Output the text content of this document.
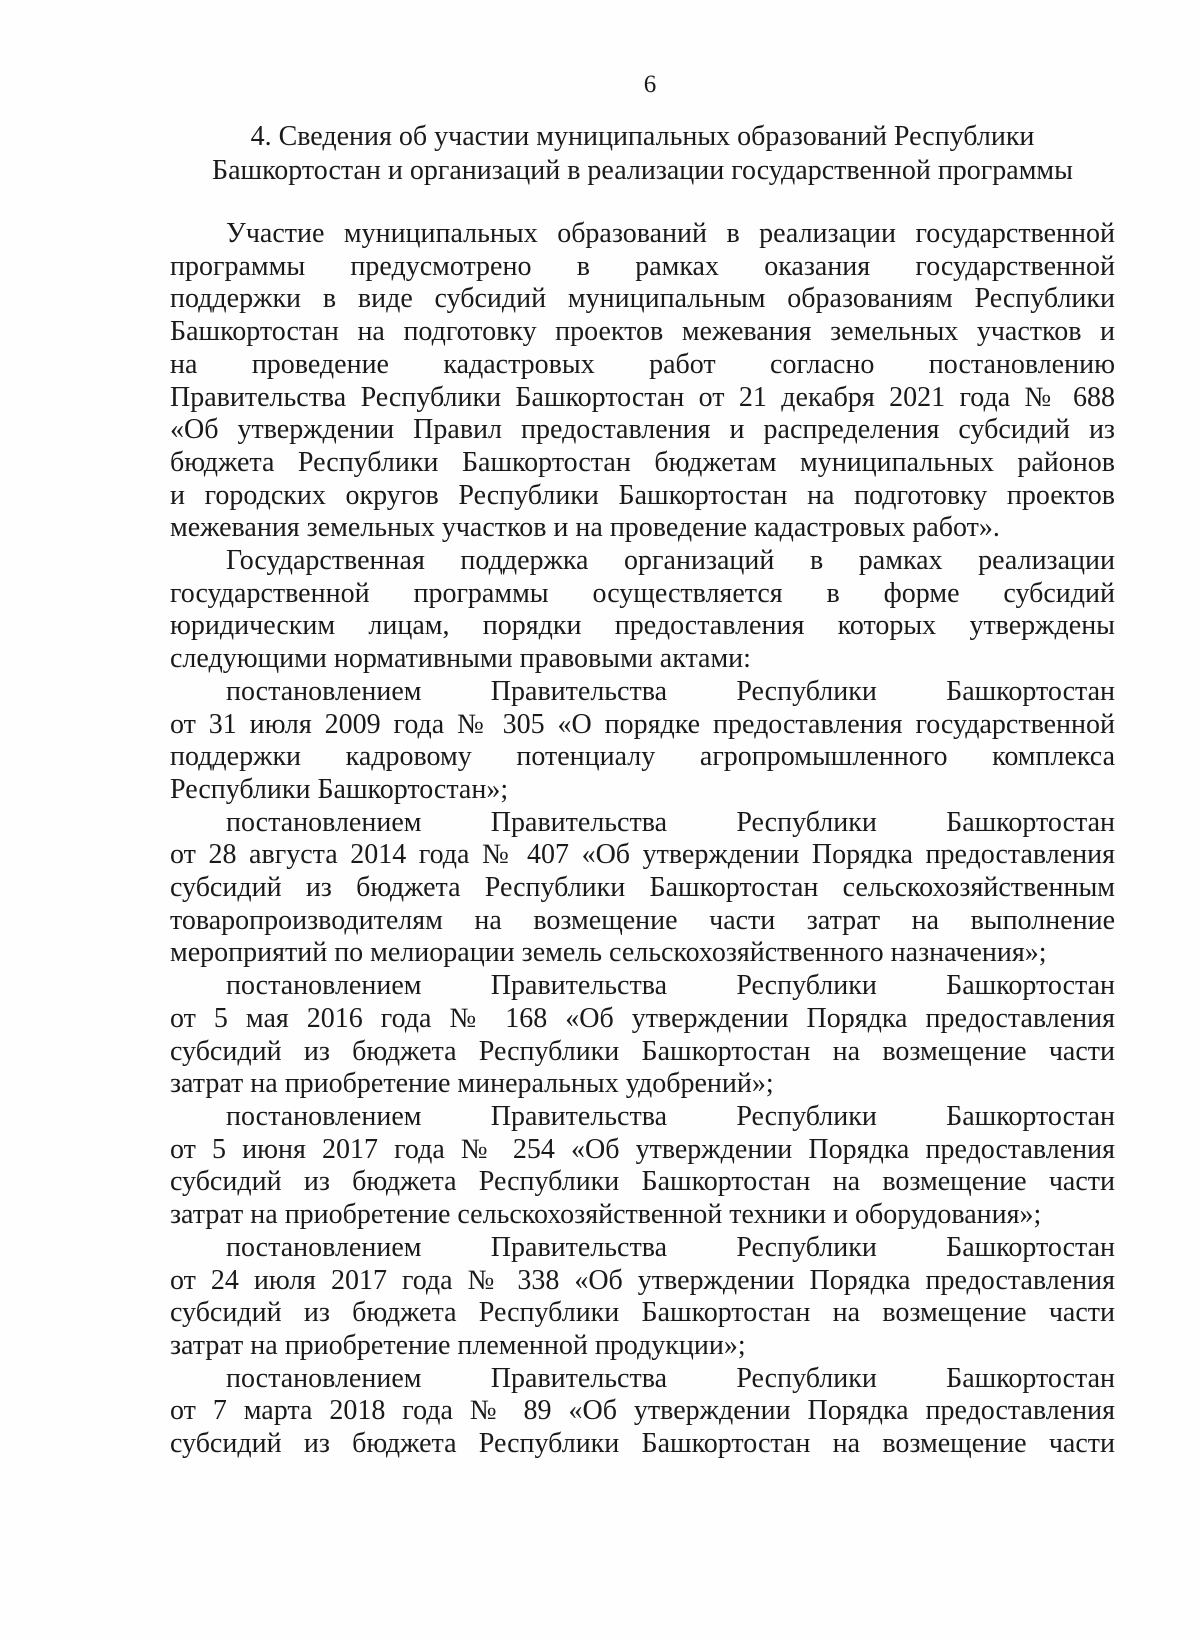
6
4. Сведения об участии муниципальных образований Республики
Башкортостан и организаций в реализации государственной программы
Участие муниципальных образований в реализации государственной
программы предусмотрено в рамках оказания государственной
поддержки в виде субсидий муниципальным образованиям Республики
Башкортостан на подготовку проектов межевания земельных участков и
на проведение кадастровых работ согласно постановлению
Правительства Республики Башкортостан от 21 декабря 2021 года № 688
«Об утверждении Правил предоставления и распределения субсидий из
бюджета Республики Башкортостан бюджетам муниципальных районов
и городских округов Республики Башкортостан на подготовку проектов
межевания земельных участков и на проведение кадастровых работ».
Государственная поддержка организаций в рамках реализации
государственной программы осуществляется в форме субсидий
юридическим лицам, порядки предоставления которых утверждены
следующими нормативными правовыми актами:
постановлением Правительства Республики Башкортостан
от 31 июля 2009 года № 305 «О порядке предоставления государственной
поддержки кадровому потенциалу агропромышленного комплекса
Республики Башкортостан»;
постановлением Правительства Республики Башкортостан
от 28 августа 2014 года № 407 «Об утверждении Порядка предоставления
субсидий из бюджета Республики Башкортостан сельскохозяйственным
товаропроизводителям на возмещение части затрат на выполнение
мероприятий по мелиорации земель сельскохозяйственного назначения»;
постановлением Правительства Республики Башкортостан
от 5 мая 2016 года № 168 «Об утверждении Порядка предоставления
субсидий из бюджета Республики Башкортостан на возмещение части
затрат на приобретение минеральных удобрений»;
постановлением Правительства Республики Башкортостан
от 5 июня 2017 года № 254 «Об утверждении Порядка предоставления
субсидий из бюджета Республики Башкортостан на возмещение части
затрат на приобретение сельскохозяйственной техники и оборудования»;
постановлением Правительства Республики Башкортостан
от 24 июля 2017 года № 338 «Об утверждении Порядка предоставления
субсидий из бюджета Республики Башкортостан на возмещение части
затрат на приобретение племенной продукции»;
постановлением Правительства Республики Башкортостан
от 7 марта 2018 года № 89 «Об утверждении Порядка предоставления
субсидий из бюджета Республики Башкортостан на возмещение части
